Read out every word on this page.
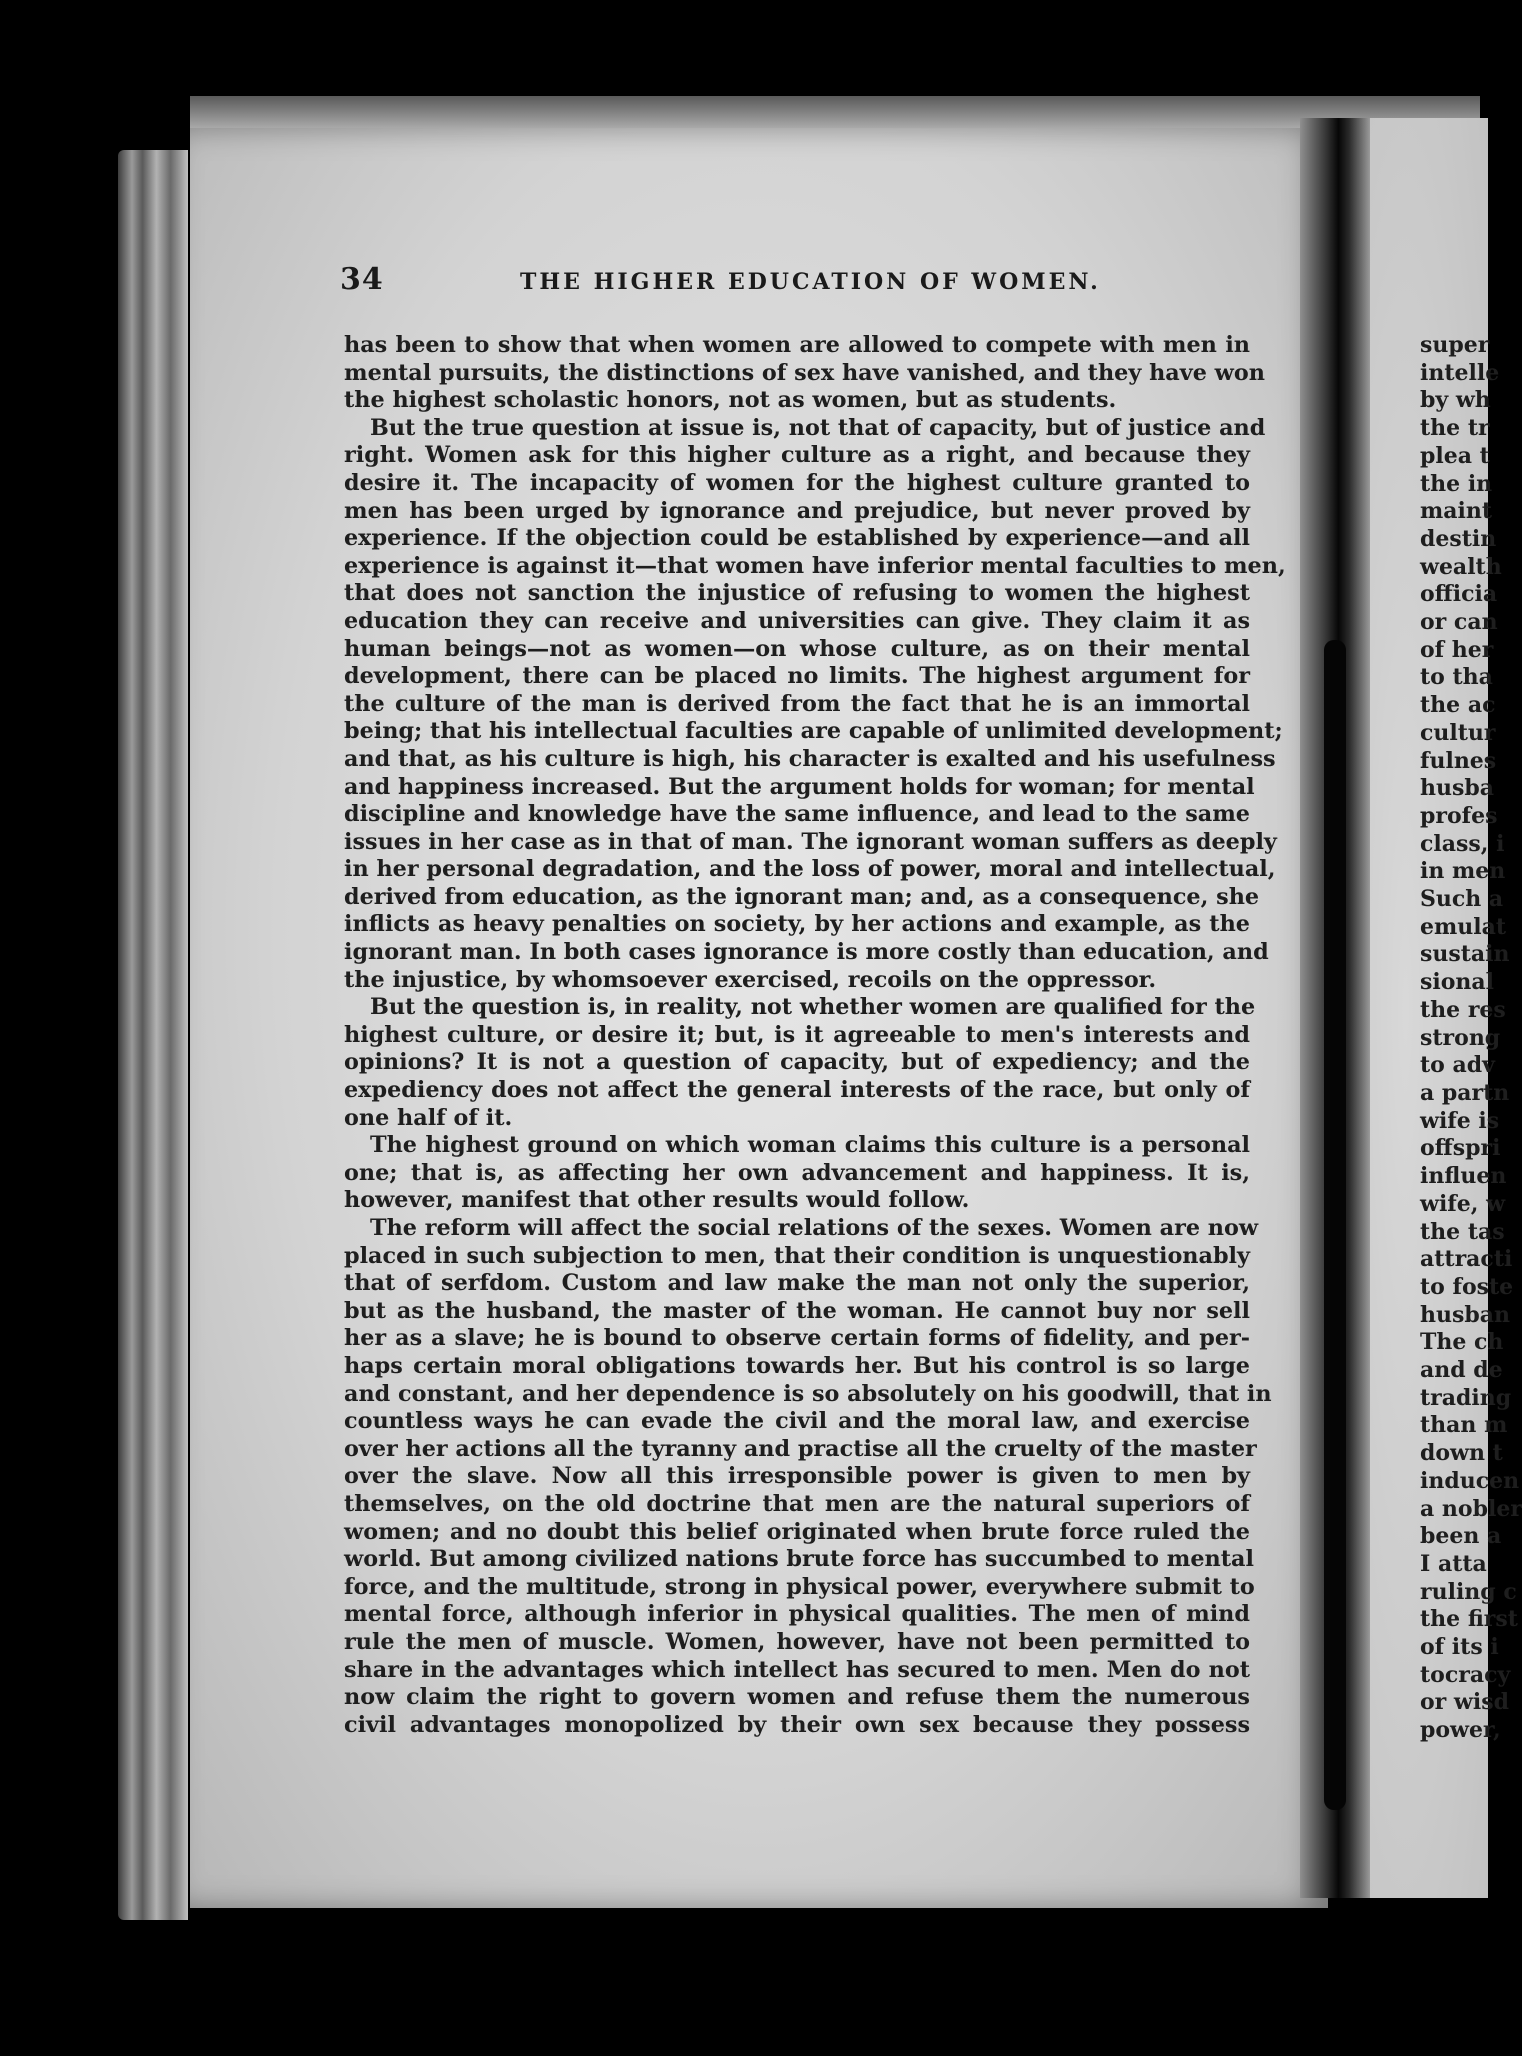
34	THE HIGHER EDUCATION OF WOMEN.
has been to show that when women are allowed to compete with men in
mental pursuits, the distinctions of sex have vanished, and they have won
the highest scholastic honors, not as women, but as students.
But the true question at issue is, not that of capacity, but of justice and
right. Women ask for this higher culture as a right, and because they
desire it. The incapacity of women for the highest culture granted to
men has been urged by ignorance and prejudice, but never proved by
experience. If the objection could be established by experience—and all
experience is against it—that women have inferior mental faculties to men,
that does not sanction the injustice of refusing to women the highest
education they can receive and universities can give. They claim it as
human beings—not as women—on whose culture, as on their mental
development, there can be placed no limits. The highest argument for
the culture of the man is derived from the fact that he is an immortal
being; that his intellectual faculties are capable of unlimited development;
and that, as his culture is high, his character is exalted and his usefulness
and happiness increased. But the argument holds for woman; for mental
discipline and knowledge have the same influence, and lead to the same
issues in her case as in that of man. The ignorant woman suffers as deeply
in her personal degradation, and the loss of power, moral and intellectual,
derived from education, as the ignorant man; and, as a consequence, she
inflicts as heavy penalties on society, by her actions and example, as the
ignorant man. In both cases ignorance is more costly than education, and
the injustice, by whomsoever exercised, recoils on the oppressor.
But the question is, in reality, not whether women are qualified for the
highest culture, or desire it; but, is it agreeable to men's interests and
opinions? It is not a question of capacity, but of expediency; and the
expediency does not affect the general interests of the race, but only of
one half of it.
The highest ground on which woman claims this culture is a personal
one; that is, as affecting her own advancement and happiness. It is,
however, manifest that other results would follow.
The reform will affect the social relations of the sexes. Women are now
placed in such subjection to men, that their condition is unquestionably
that of serfdom. Custom and law make the man not only the superior,
but as the husband, the master of the woman. He cannot buy nor sell
her as a slave; he is bound to observe certain forms of fidelity, and per-
haps certain moral obligations towards her. But his control is so large
and constant, and her dependence is so absolutely on his goodwill, that in
countless ways he can evade the civil and the moral law, and exercise
over her actions all the tyranny and practise all the cruelty of the master
over the slave. Now all this irresponsible power is given to men by
themselves, on the old doctrine that men are the natural superiors of
women; and no doubt this belief originated when brute force ruled the
world. But among civilized nations brute force has succumbed to mental
force, and the multitude, strong in physical power, everywhere submit to
mental force, although inferior in physical qualities. The men of mind
rule the men of muscle. Women, however, have not been permitted to
share in the advantages which intellect has secured to men. Men do not
now claim the right to govern women and refuse them the numerous
civil advantages monopolized by their own sex because they possess
super
intelle
by wh
the tr
plea t
the in
maint
destin
wealth
officia
or can
of her
to tha
the ac
cultur
fulnes
husba
profes
class, i
in men
Such a
emulat
sustain
sional
the res
strong
to adv
a partn
wife is
offspri
influen
wife, w
the tas
attracti
to foste
husban
The ch
and de
trading
than m
down t
inducen
a nobler
been a
I atta
ruling c
the first
of its i
tocracy
or wisd
power,
